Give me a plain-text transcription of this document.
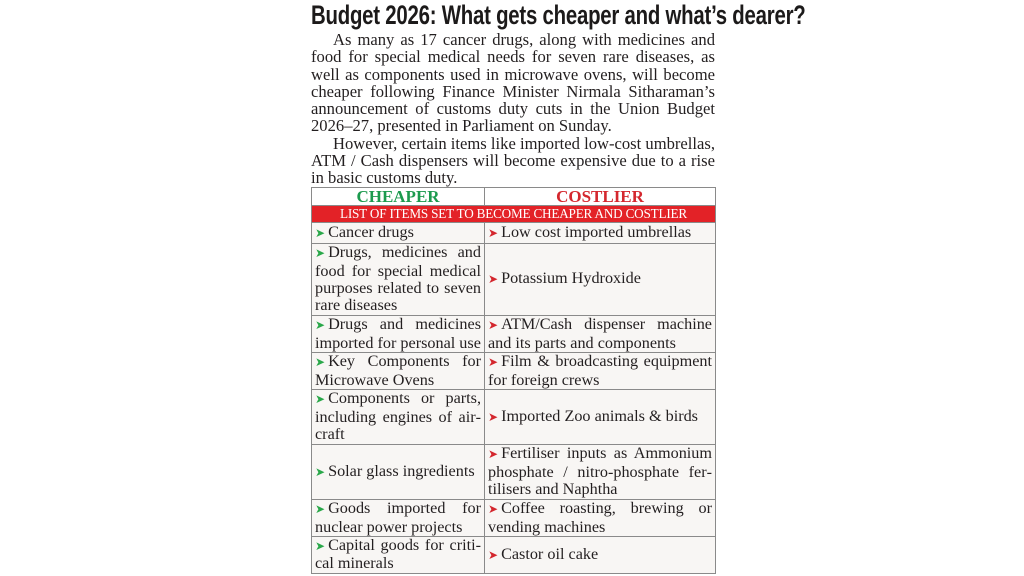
Budget 2026: What gets cheaper and what’s dearer?

As many as 17 cancer drugs, along with medicines and food for special medical needs for seven rare diseases, as well as components used in microwave ovens, will become cheaper following Finance Minister Nirmala Sitharaman’s announcement of customs duty cuts in the Union Budget 2026–27, presented in Parliament on Sunday.

However, certain items like imported low-cost umbrellas, ATM / Cash dispensers will become expensive due to a rise in basic customs duty.

CHEAPER	COSTLIER
LIST OF ITEMS SET TO BECOME CHEAPER AND COSTLIER	
➤ Cancer drugs	➤ Low cost imported umbrellas
➤ Drugs, medicines and food for special medical purposes related to seven rare diseases	➤ Potassium Hydroxide
➤ Drugs and medicines imported for personal use	➤ ATM/Cash dispenser machine and its parts and components
➤ Key Components for Microwave Ovens	➤ Film & broadcasting equipment for foreign crews
➤ Components or parts, including engines of aircraft	➤ Imported Zoo animals & birds
➤ Solar glass ingredients	➤ Fertiliser inputs as Ammonium phosphate / nitro-phosphate fertilisers and Naphtha
➤ Goods imported for nuclear power projects	➤ Coffee roasting, brewing or vending machines
➤ Capital goods for critical minerals	➤ Castor oil cake
